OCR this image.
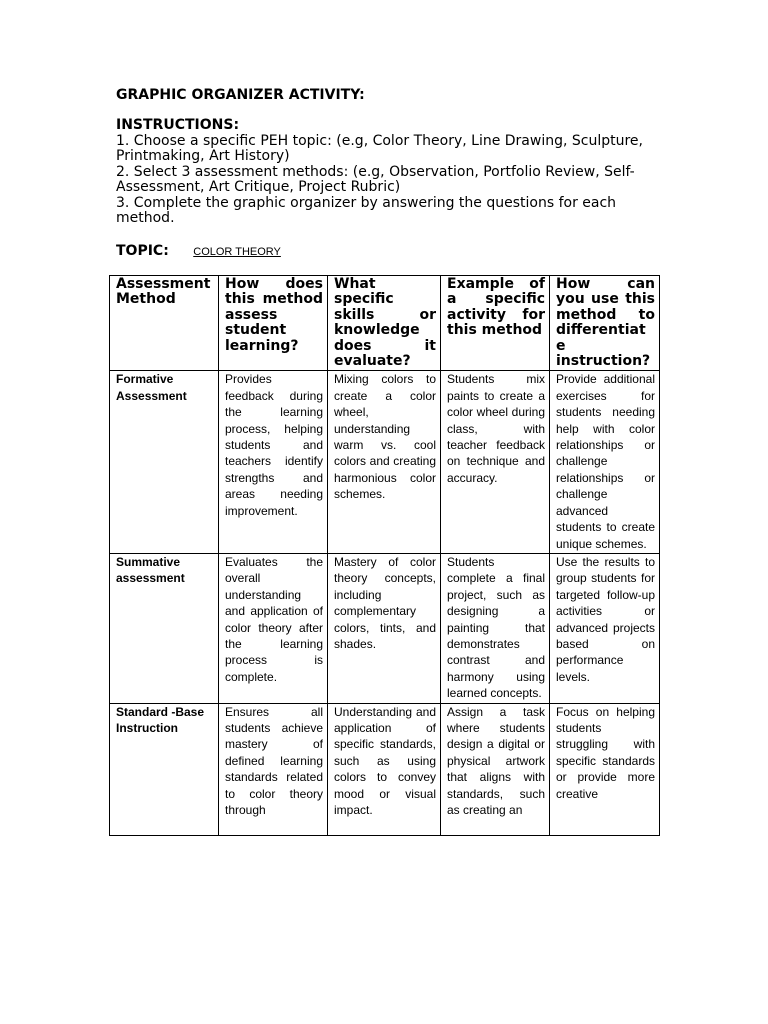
GRAPHIC ORGANIZER ACTIVITY:
INSTRUCTIONS:
1. Choose a specific PEH topic: (e.g, Color Theory, Line Drawing, Sculpture, Printmaking, Art History)
2. Select 3 assessment methods: (e.g, Observation, Portfolio Review, Self-Assessment, Art Critique, Project Rubric)
3. Complete the graphic organizer by answering the questions for each method.
TOPIC: COLOR THEORY
Assessment Method	How does this method assess student learning?	What specific skills or knowledge does it evaluate?	Example of a specific activity for this method	How can you use this method to differentiate instruction?
Formative Assessment	Provides feedback during the learning process, helping students and teachers identify strengths and areas needing improvement.	Mixing colors to create a color wheel, understanding warm vs. cool colors and creating harmonious color schemes.	Students mix paints to create a color wheel during class, with teacher feedback on technique and accuracy.	Provide additional exercises for students needing help with color relationships or challenge relationships or challenge advanced students to create unique schemes.
Summative assessment	Evaluates the overall understanding and application of color theory after the learning process is complete.	Mastery of color theory concepts, including complementary colors, tints, and shades.	Students complete a final project, such as designing a painting that demonstrates contrast and harmony using learned concepts.	Use the results to group students for targeted follow-up activities or advanced projects based on performance levels.

Standard -Base Instruction	Ensures all students achieve mastery of defined learning standards related to color theory through	Understanding and application of specific standards, such as using colors to convey mood or visual impact.	Assign a task where students design a digital or physical artwork that aligns with standards, such as creating an	Focus on helping students struggling with specific standards or provide more creative
